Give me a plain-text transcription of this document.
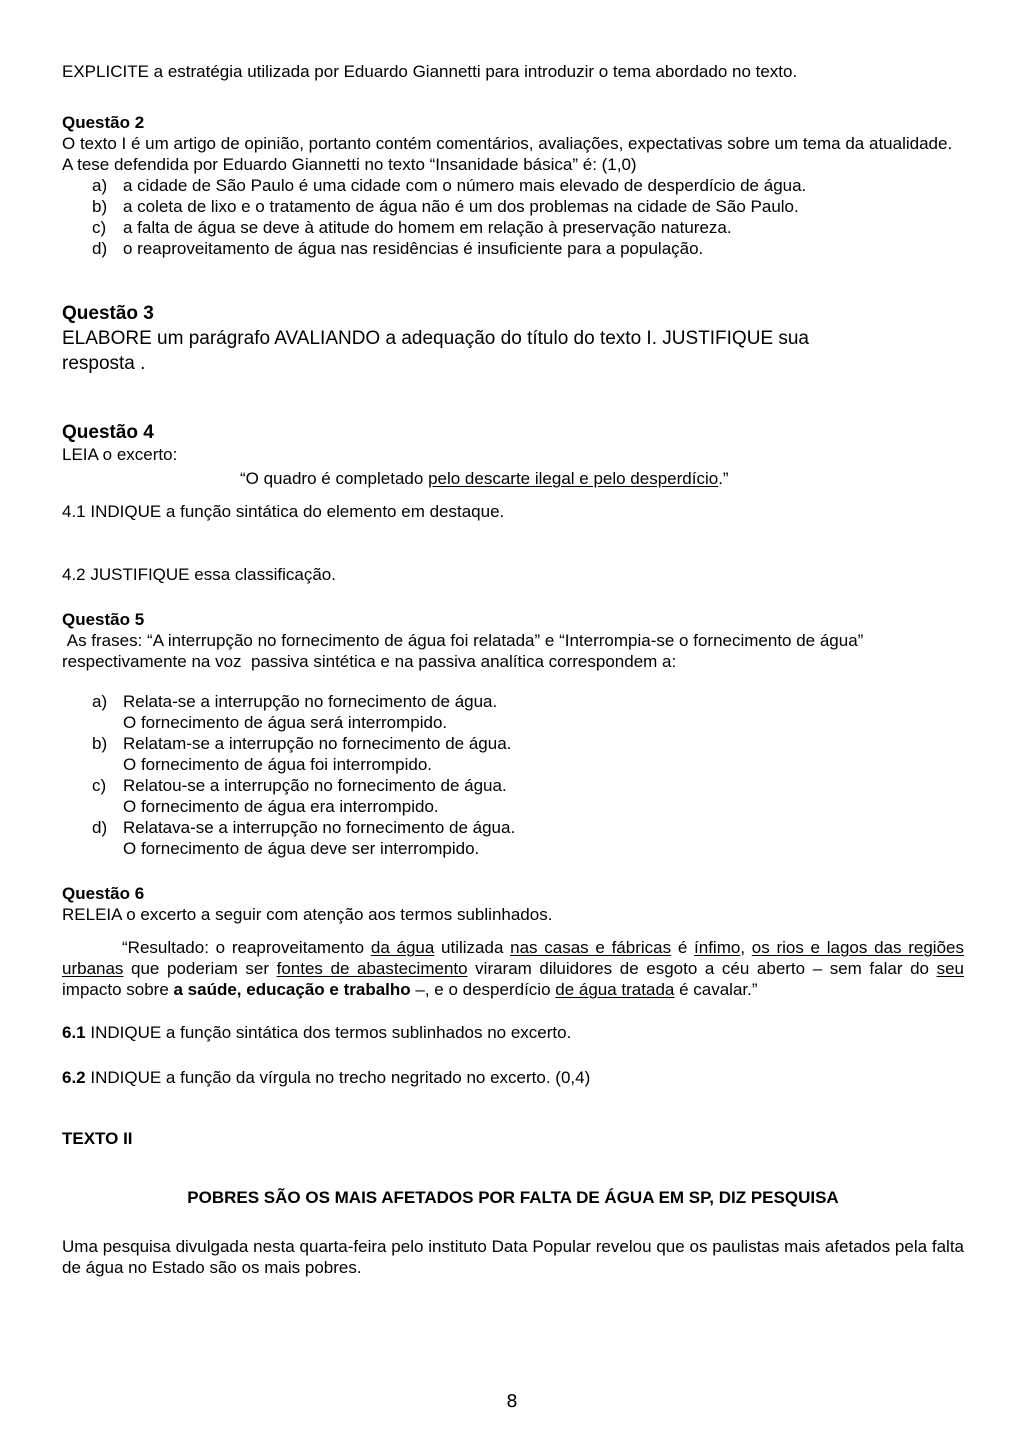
EXPLICITE a estratégia utilizada por Eduardo Giannetti para introduzir o tema abordado no texto.

Questão 2

O texto I é um artigo de opinião, portanto contém comentários, avaliações, expectativas sobre um tema da atualidade. A tese defendida por Eduardo Giannetti no texto “Insanidade básica” é: (1,0)

a) a cidade de São Paulo é uma cidade com o número mais elevado de desperdício de água.
b) a coleta de lixo e o tratamento de água não é um dos problemas na cidade de São Paulo.
c) a falta de água se deve à atitude do homem em relação à preservação natureza.
d) o reaproveitamento de água nas residências é insuficiente para a população.

Questão 3

ELABORE um parágrafo AVALIANDO a adequação do título do texto I. JUSTIFIQUE sua resposta .

Questão 4

LEIA o excerto:

“O quadro é completado pelo descarte ilegal e pelo desperdício.”

4.1 INDIQUE a função sintática do elemento em destaque.

4.2 JUSTIFIQUE essa classificação.

Questão 5

As frases: “A interrupção no fornecimento de água foi relatada” e “Interrompia-se o fornecimento de água” respectivamente na voz  passiva sintética e na passiva analítica correspondem a:

a) Relata-se a interrupção no fornecimento de água.
O fornecimento de água será interrompido.
b) Relatam-se a interrupção no fornecimento de água.
O fornecimento de água foi interrompido.
c) Relatou-se a interrupção no fornecimento de água.
O fornecimento de água era interrompido.
d) Relatava-se a interrupção no fornecimento de água.
O fornecimento de água deve ser interrompido.

Questão 6

RELEIA o excerto a seguir com atenção aos termos sublinhados.

“Resultado: o reaproveitamento da água utilizada nas casas e fábricas é ínfimo, os rios e lagos das regiões urbanas que poderiam ser fontes de abastecimento viraram diluidores de esgoto a céu aberto – sem falar do seu impacto sobre a saúde, educação e trabalho –, e o desperdício de água tratada é cavalar.”

6.1 INDIQUE a função sintática dos termos sublinhados no excerto.

6.2 INDIQUE a função da vírgula no trecho negritado no excerto. (0,4)

TEXTO II

POBRES SÃO OS MAIS AFETADOS POR FALTA DE ÁGUA EM SP, DIZ PESQUISA

Uma pesquisa divulgada nesta quarta-feira pelo instituto Data Popular revelou que os paulistas mais afetados pela falta de água no Estado são os mais pobres.

8
